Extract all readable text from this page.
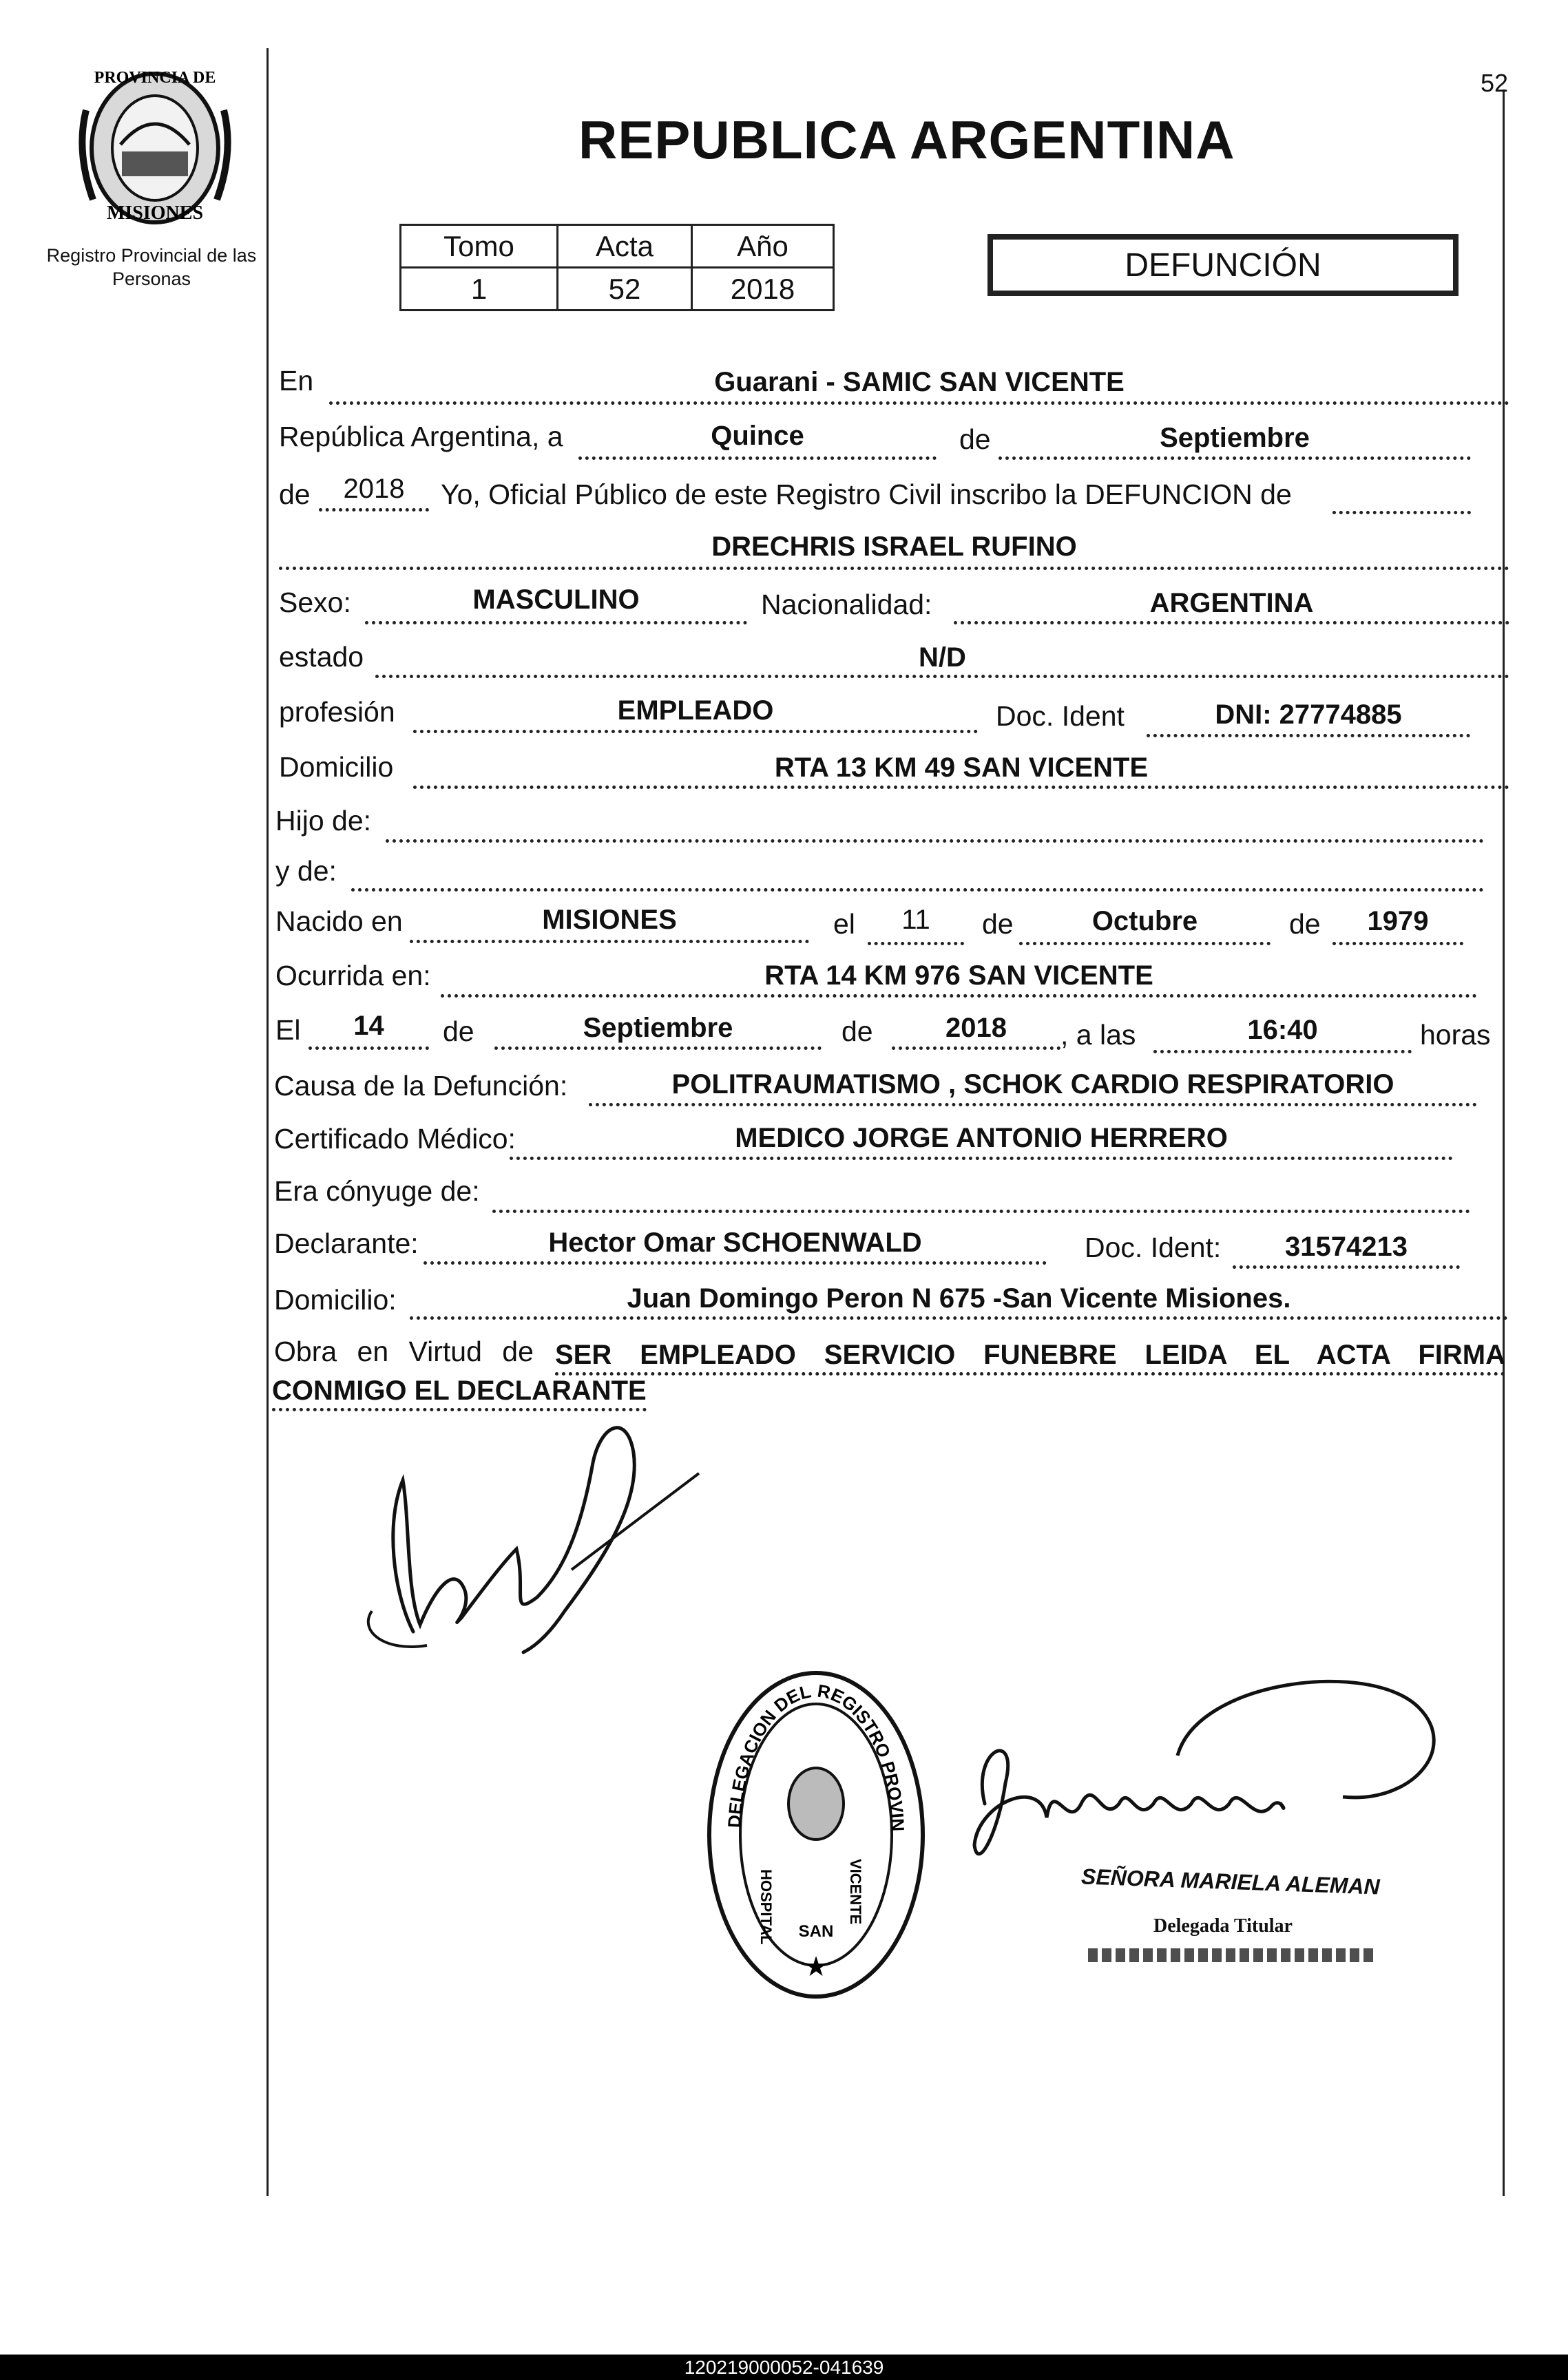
52
PROVINCIA DE
MISIONES
Registro Provincial de las Personas
REPUBLICA ARGENTINA
Tomo	Acta	Año
1	52	2018
DEFUNCIÓN
En	Guarani - SAMIC SAN VICENTE
República Argentina, a	Quince	de	Septiembre
de	2018	Yo, Oficial Público de este Registro Civil inscribo la DEFUNCION de
DRECHRIS ISRAEL RUFINO
Sexo:	MASCULINO	Nacionalidad:	ARGENTINA
estado	N/D
profesión	EMPLEADO	Doc. Ident	DNI: 27774885
Domicilio	RTA 13 KM 49 SAN VICENTE
Hijo de:
y de:
Nacido en	MISIONES	el	11	de	Octubre	de	1979
Ocurrida en:	RTA 14 KM 976 SAN VICENTE
El	14	de	Septiembre	de	2018	, a las	16:40	horas
Causa de la Defunción:	POLITRAUMATISMO , SCHOK CARDIO RESPIRATORIO
Certificado Médico:	MEDICO JORGE ANTONIO HERRERO
Era cónyuge de:
Declarante:	Hector Omar SCHOENWALD	Doc. Ident:	31574213
Domicilio:	Juan Domingo Peron N 675 -San Vicente Misiones.
Obra en Virtud de SER EMPLEADO SERVICIO FUNEBRE LEIDA EL ACTA FIRMA
CONMIGO EL DECLARANTE
DELEGACION DEL REGISTRO PROVIN
HOSPITAL	VICENTE
SAN
★
SEÑORA MARIELA ALEMAN
Delegada Titular
120219000052-041639
